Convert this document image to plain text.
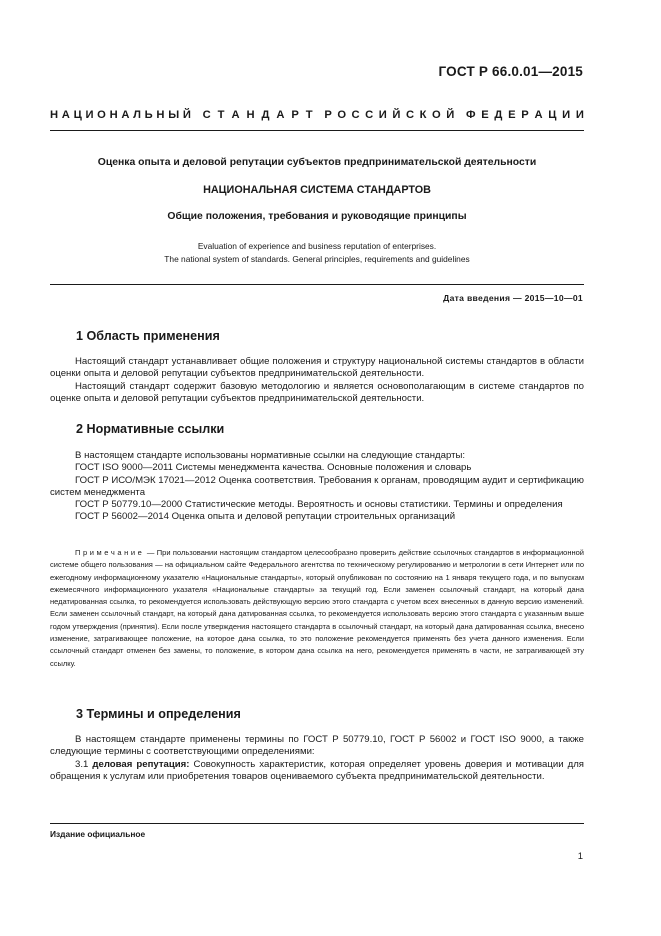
ГОСТ Р 66.0.01—2015
Н А Ц И О Н А Л Ь Н Ы Й С Т А Н Д А Р Т Р О С С И Й С К О Й Ф Е Д Е Р А Ц И И
Оценка опыта и деловой репутации субъектов предпринимательской деятельности
НАЦИОНАЛЬНАЯ СИСТЕМА СТАНДАРТОВ
Общие положения, требования и руководящие принципы
Evaluation of experience and business reputation of enterprises.
The national system of standards. General principles, requirements and guidelines
Дата введения — 2015—10—01
1 Область применения

Настоящий стандарт устанавливает общие положения и структуру национальной системы стандартов в области оценки опыта и деловой репутации субъектов предпринимательской деятельности.

Настоящий стандарт содержит базовую методологию и является основополагающим в системе стандартов по оценке опыта и деловой репутации субъектов предпринимательской деятельности.

2 Нормативные ссылки

В настоящем стандарте использованы нормативные ссылки на следующие стандарты:

ГОСТ ISO 9000—2011 Системы менеджмента качества. Основные положения и словарь

ГОСТ Р ИСО/МЭК 17021—2012 Оценка соответствия. Требования к органам, проводящим аудит и сертификацию систем менеджмента

ГОСТ Р 50779.10—2000 Статистические методы. Вероятность и основы статистики. Термины и определения

ГОСТ Р 56002—2014 Оценка опыта и деловой репутации строительных организаций

Примечание — При пользовании настоящим стандартом целесообразно проверить действие ссылочных стандартов в информационной системе общего пользования — на официальном сайте Федерального агентства по техническому регулированию и метрологии в сети Интернет или по ежегодному информационному указателю «Национальные стандарты», который опубликован по состоянию на 1 января текущего года, и по выпускам ежемесячного информационного указателя «Национальные стандарты» за текущий год. Если заменен ссылочный стандарт, на который дана недатированная ссылка, то рекомендуется использовать действующую версию этого стандарта с учетом всех внесенных в данную версию изменений. Если заменен ссылочный стандарт, на который дана датированная ссылка, то рекомендуется использовать версию этого стандарта с указанным выше годом утверждения (принятия). Если после утверждения настоящего стандарта в ссылочный стандарт, на который дана датированная ссылка, внесено изменение, затрагивающее положение, на которое дана ссылка, то это положение рекомендуется применять без учета данного изменения. Если ссылочный стандарт отменен без замены, то положение, в котором дана ссылка на него, рекомендуется применять в части, не затрагивающей эту ссылку.
3 Термины и определения

В настоящем стандарте применены термины по ГОСТ Р 50779.10, ГОСТ Р 56002 и ГОСТ ISO 9000, а также следующие термины с соответствующими определениями:

3.1 деловая репутация: Совокупность характеристик, которая определяет уровень доверия и мотивации для обращения к услугам или приобретения товаров оцениваемого субъекта предпринимательской деятельности.

Издание официальное
1
